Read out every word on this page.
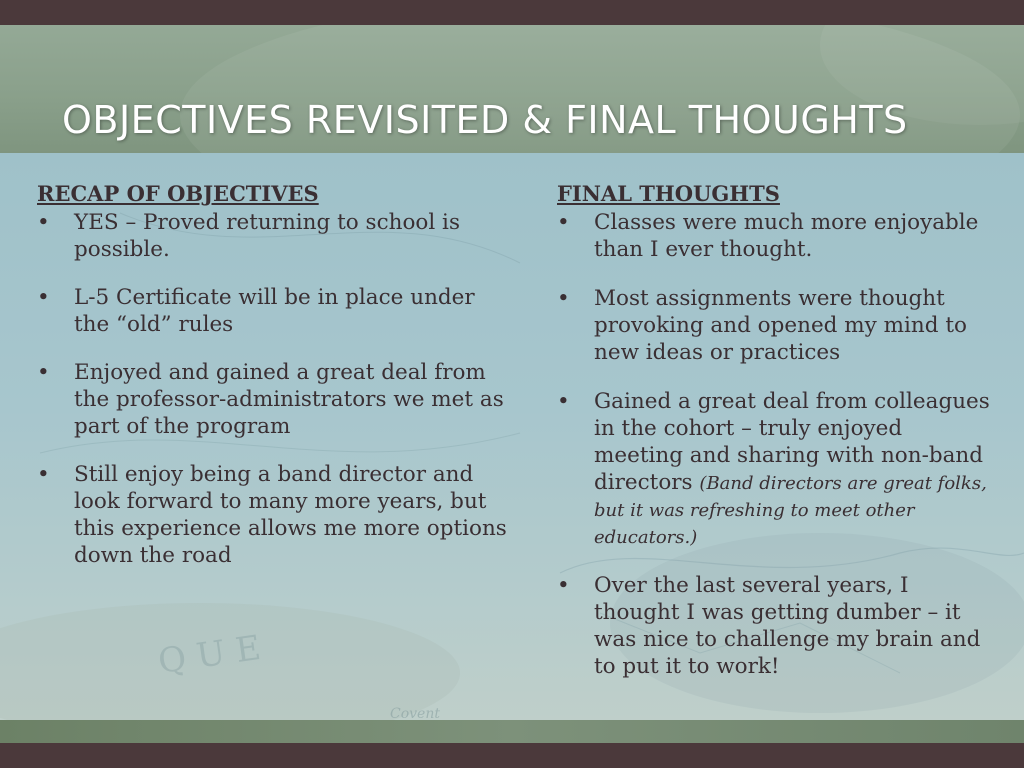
OBJECTIVES REVISITED & FINAL THOUGHTS
Q U E
Covent
RECAP OF OBJECTIVES
• YES – Proved returning to school is possible.
• L-5 Certificate will be in place under the “old” rules
• Enjoyed and gained a great deal from the professor-administrators we met as part of the program
• Still enjoy being a band director and look forward to many more years, but this experience allows me more options down the road
FINAL THOUGHTS
• Classes were much more enjoyable than I ever thought.
• Most assignments were thought provoking and opened my mind to new ideas or practices
• Gained a great deal from colleagues in the cohort – truly enjoyed meeting and sharing with non-band directors (Band directors are great folks, but it was refreshing to meet other educators.)
• Over the last several years, I thought I was getting dumber – it was nice to challenge my brain and to put it to work!
